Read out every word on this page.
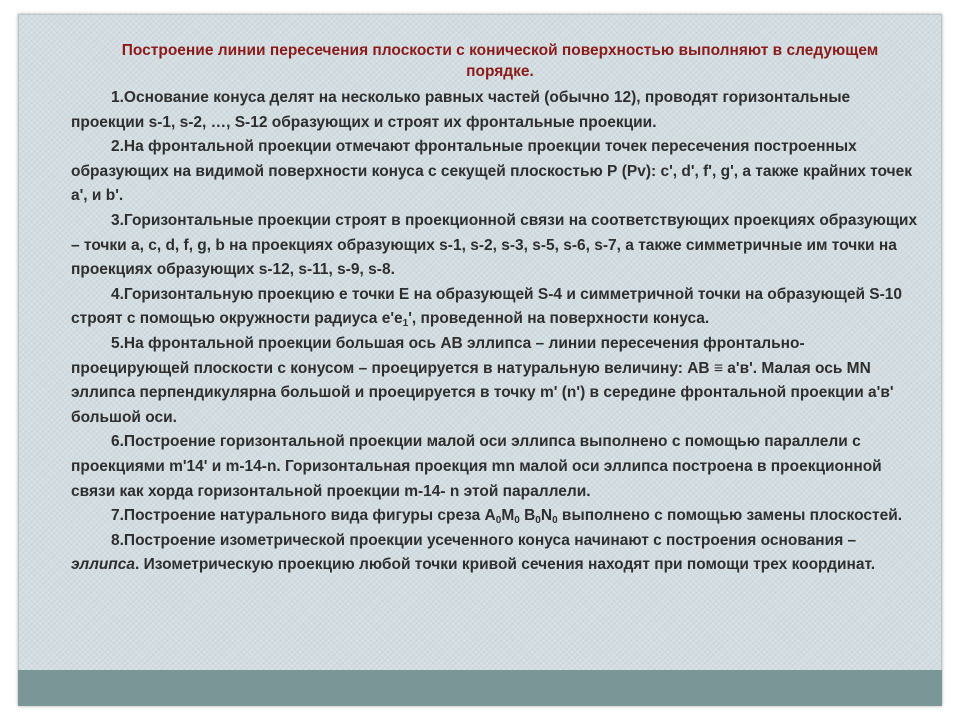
Построение линии пересечения плоскости с конической поверхностью выполняют в следующем порядке.

1.Основание конуса делят на несколько равных частей (обычно 12), проводят горизонтальные проекции s-1, s-2, …, S-12 образующих и строят их фронтальные проекции.

2.На фронтальной проекции отмечают фронтальные проекции точек пересечения построенных образующих на видимой поверхности конуса с секущей плоскостью Р (Рv): с', d', f', g', а также крайних точек а', и b'.

3.Горизонтальные проекции строят в проекционной связи на соответствующих проекциях образующих – точки a, c, d, f, g, b на проекциях образующих s-1, s-2, s-3, s-5, s-6, s-7, а также симметричные им точки на проекциях образующих s-12, s-11, s-9, s-8.

4.Горизонтальную проекцию е точки Е на образующей S-4 и симметричной точки на образующей S-10 строят с помощью окружности радиуса $е'е_1'$, проведенной на поверхности конуса.

5.На фронтальной проекции большая ось АВ эллипса – линии пересечения фронтально-проецирующей плоскости с конусом – проецируется в натуральную величину: АВ ≡ а'в'. Малая ось MN эллипса перпендикулярна большой и проецируется в точку m' (n') в середине фронтальной проекции а'в' большой оси.

6.Построение горизонтальной проекции малой оси эллипса выполнено с помощью параллели с проекциями m'14' и m-14-n. Горизонтальная проекция mn малой оси эллипса построена в проекционной связи как хорда горизонтальной проекции m-14- n этой параллели.

7.Построение натурального вида фигуры среза $А_0M_0$ $В_0N_0$ выполнено с помощью замены плоскостей.

8.Построение изометрической проекции усеченного конуса начинают с построения основания – эллипса. Изометрическую проекцию любой точки кривой сечения находят при помощи трех координат.
